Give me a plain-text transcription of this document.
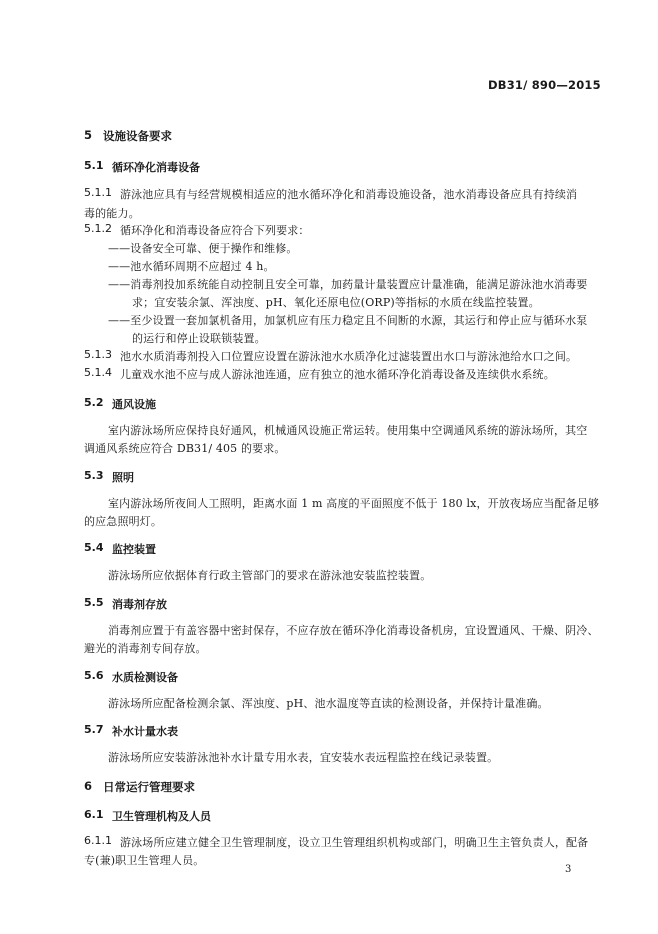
DB31/ 890—2015
5 设施设备要求
5.1 循环净化消毒设备
5.1.1 游泳池应具有与经营规模相适应的池水循环净化和消毒设施设备，池水消毒设备应具有持续消
毒的能力。
5.1.2 循环净化和消毒设备应符合下列要求：
——设备安全可靠、便于操作和维修。
——池水循环周期不应超过 4 h。
——消毒剂投加系统能自动控制且安全可靠，加药量计量装置应计量准确，能满足游泳池水消毒要
求；宜安装余氯、浑浊度、pH、氧化还原电位(ORP)等指标的水质在线监控装置。
——至少设置一套加氯机备用，加氯机应有压力稳定且不间断的水源，其运行和停止应与循环水泵
的运行和停止设联锁装置。
5.1.3 池水水质消毒剂投入口位置应设置在游泳池水水质净化过滤装置出水口与游泳池给水口之间。
5.1.4 儿童戏水池不应与成人游泳池连通，应有独立的池水循环净化消毒设备及连续供水系统。
5.2 通风设施
室内游泳场所应保持良好通风，机械通风设施正常运转。使用集中空调通风系统的游泳场所，其空
调通风系统应符合 DB31/ 405 的要求。
5.3 照明
室内游泳场所夜间人工照明，距离水面 1 m 高度的平面照度不低于 180 lx，开放夜场应当配备足够
的应急照明灯。
5.4 监控装置
游泳场所应依据体育行政主管部门的要求在游泳池安装监控装置。
5.5 消毒剂存放
消毒剂应置于有盖容器中密封保存，不应存放在循环净化消毒设备机房，宜设置通风、干燥、阴冷、
避光的消毒剂专间存放。
5.6 水质检测设备
游泳场所应配备检测余氯、浑浊度、pH、池水温度等直读的检测设备，并保持计量准确。
5.7 补水计量水表
游泳场所应安装游泳池补水计量专用水表，宜安装水表远程监控在线记录装置。
6 日常运行管理要求
6.1 卫生管理机构及人员
6.1.1 游泳场所应建立健全卫生管理制度，设立卫生管理组织机构或部门，明确卫生主管负责人，配备
专(兼)职卫生管理人员。
3
